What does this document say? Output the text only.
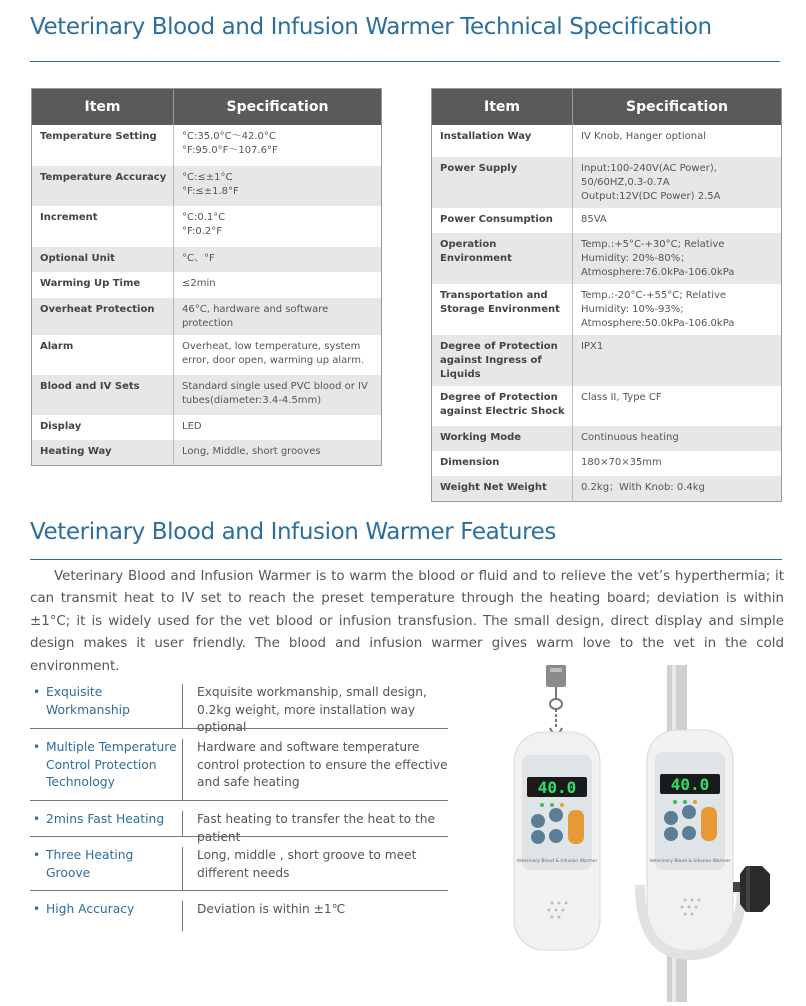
Veterinary Blood and Infusion Warmer Technical Specification
Item	Specification
Temperature Setting	°C:35.0°C～42.0°C
°F:95.0°F～107.6°F

Temperature Accuracy	°C:≤±1°C
°F:≤±1.8°F

Increment	°C:0.1°C
°F:0.2°F

Optional Unit	°C、°F

Warming Up Time	≤2min

Overheat Protection	46°C, hardware and software protection

Alarm	Overheat, low temperature, system error, door open, warming up alarm.

Blood and IV Sets	Standard single used PVC blood or IV tubes(diameter:3.4-4.5mm)

Display	LED

Heating Way	Long, Middle, short grooves
Item	Specification
Installation Way	IV Knob, Hanger optional

Power Supply	Input:100-240V(AC Power), 50/60HZ,0.3-0.7A
Output:12V(DC Power) 2.5A

Power Consumption	85VA

Operation Environment	Temp.:+5°C-+30°C; Relative Humidity: 20%-80%；Atmosphere:76.0kPa-106.0kPa

Transportation and Storage Environment	Temp.:-20°C-+55°C; Relative Humidity: 10%-93%; Atmosphere:50.0kPa-106.0kPa

Degree of Protection against Ingress of Liquids	IPX1

Degree of Protection against Electric Shock	Class II, Type CF

Working Mode	Continuous heating

Dimension	180×70×35mm

Weight Net Weight	0.2kg；With Knob: 0.4kg
Veterinary Blood and Infusion Warmer Features
Veterinary Blood and Infusion Warmer is to warm the blood or fluid and to relieve the vet’s hyperthermia; it can transmit heat to IV set to reach the preset temperature through the heating board; deviation is within ±1°C; it is widely used for the vet blood or infusion transfusion. The small design, direct display and simple design makes it user friendly. The blood and infusion warmer gives warm love to the vet in the cold environment.
• Exquisite Workmanship
Exquisite workmanship, small design, 0.2kg weight, more installation way optional
• Multiple Temperature Control Protection Technology
Hardware and software temperature control protection to ensure the effective and safe heating
• 2mins Fast Heating	Fast heating to transfer the heat to the patient
• Three Heating Groove
Long, middle , short groove to meet different needs
• High Accuracy	Deviation is within ±1℃
40.0
Veterinary Blood & Infusion Warmer
40.0
Veterinary Blood & Infusion Warmer
